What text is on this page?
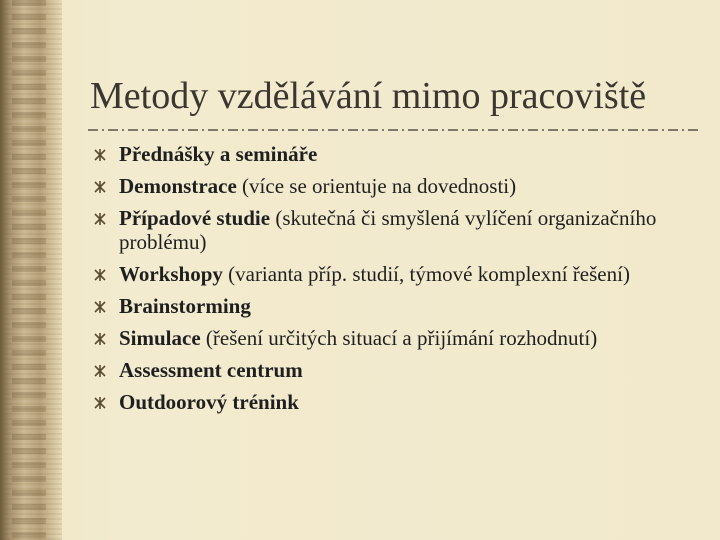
Metody vzdělávání mimo pracoviště
Přednášky a semináře
Demonstrace (více se orientuje na dovednosti)
Případové studie (skutečná či smyšlená vylíčení organizačního problému)
Workshopy (varianta příp. studií, týmové komplexní řešení)
Brainstorming
Simulace (řešení určitých situací a přijímání rozhodnutí)
Assessment centrum
Outdoorový trénink
